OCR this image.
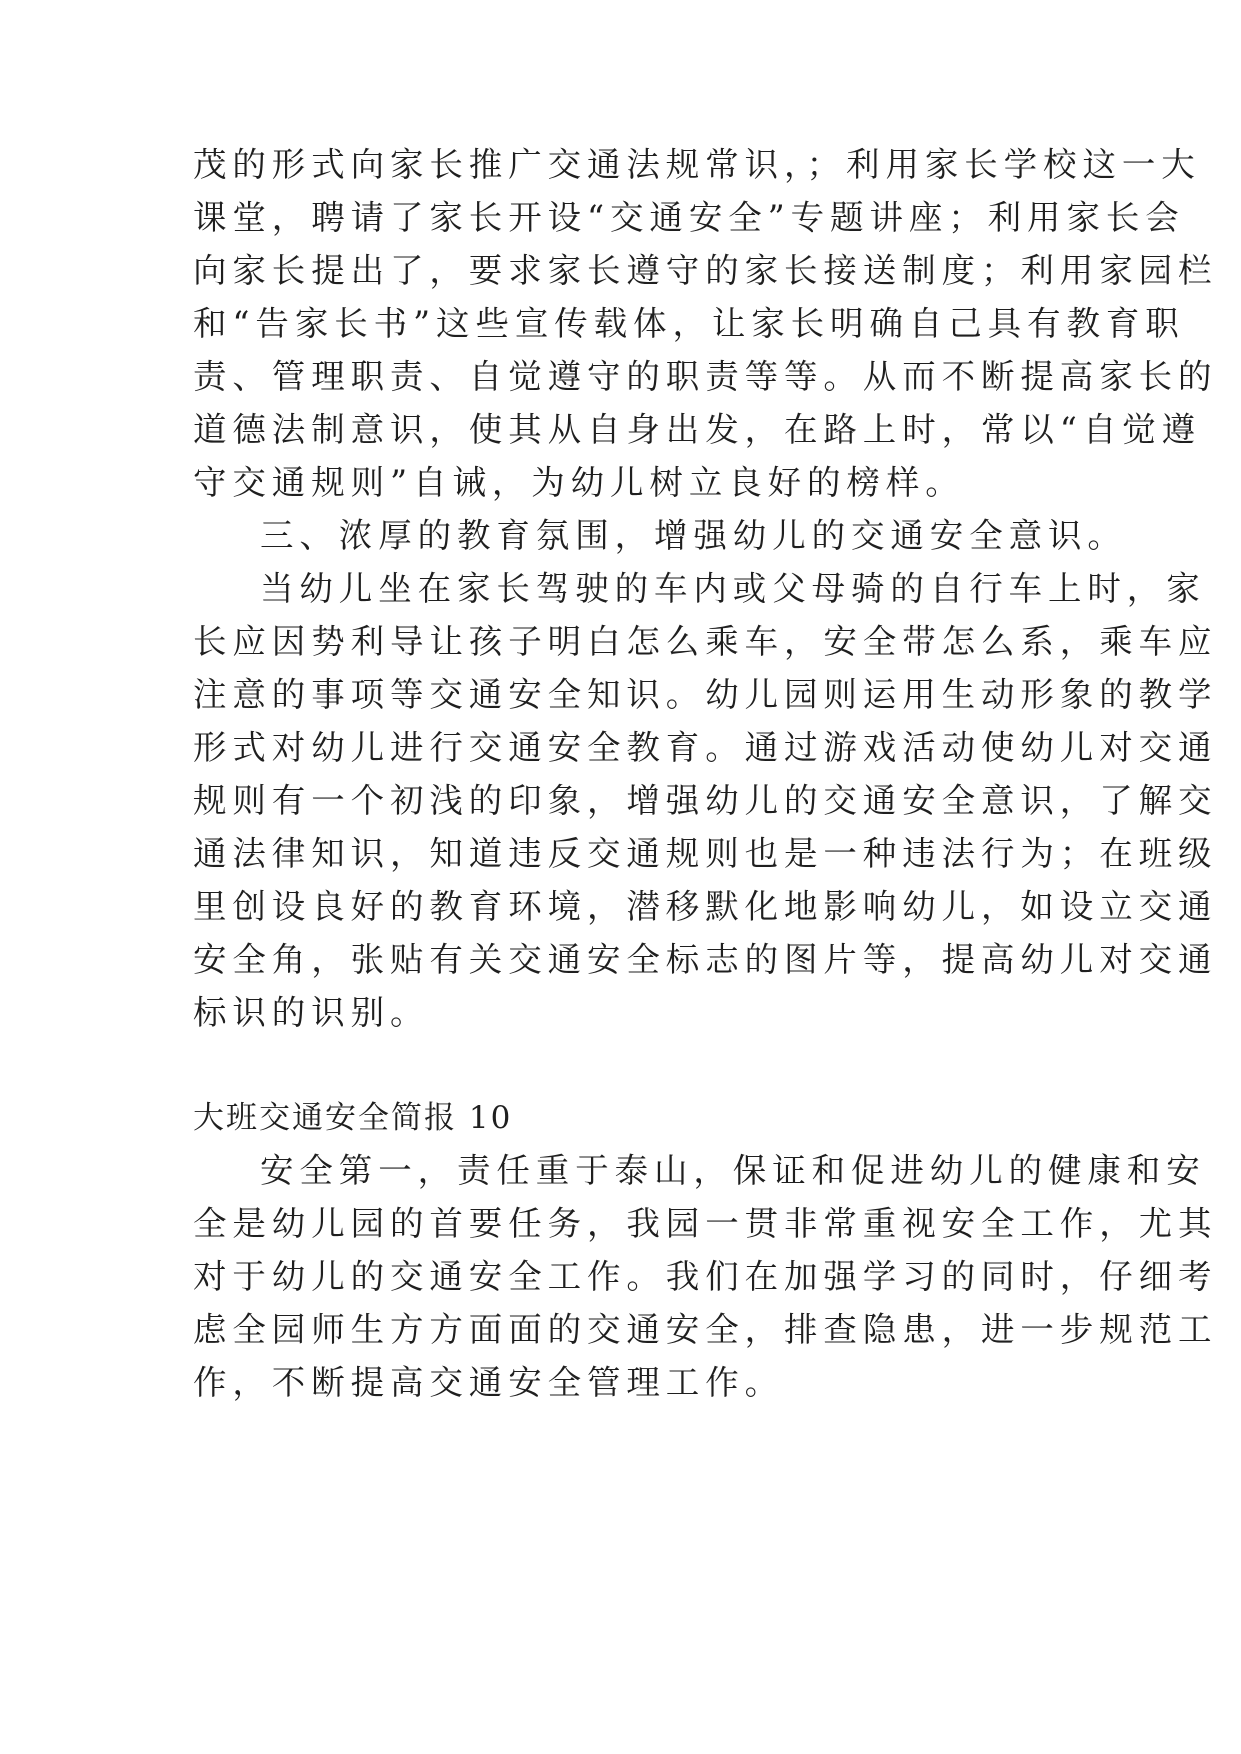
茂的形式向家长推广交通法规常识，；利用家长学校这一大
课堂，聘请了家长开设“交通安全”专题讲座；利用家长会
向家长提出了，要求家长遵守的家长接送制度；利用家园栏
和“告家长书”这些宣传载体，让家长明确自己具有教育职
责、管理职责、自觉遵守的职责等等。从而不断提高家长的
道德法制意识，使其从自身出发，在路上时，常以“自觉遵
守交通规则”自诫，为幼儿树立良好的榜样。
三、浓厚的教育氛围，增强幼儿的交通安全意识。
当幼儿坐在家长驾驶的车内或父母骑的自行车上时，家
长应因势利导让孩子明白怎么乘车，安全带怎么系，乘车应
注意的事项等交通安全知识。幼儿园则运用生动形象的教学
形式对幼儿进行交通安全教育。通过游戏活动使幼儿对交通
规则有一个初浅的印象，增强幼儿的交通安全意识，了解交
通法律知识，知道违反交通规则也是一种违法行为；在班级
里创设良好的教育环境，潜移默化地影响幼儿，如设立交通
安全角，张贴有关交通安全标志的图片等，提高幼儿对交通
标识的识别。
大班交通安全简报 10
安全第一，责任重于泰山，保证和促进幼儿的健康和安
全是幼儿园的首要任务，我园一贯非常重视安全工作，尤其
对于幼儿的交通安全工作。我们在加强学习的同时，仔细考
虑全园师生方方面面的交通安全，排查隐患，进一步规范工
作，不断提高交通安全管理工作。
